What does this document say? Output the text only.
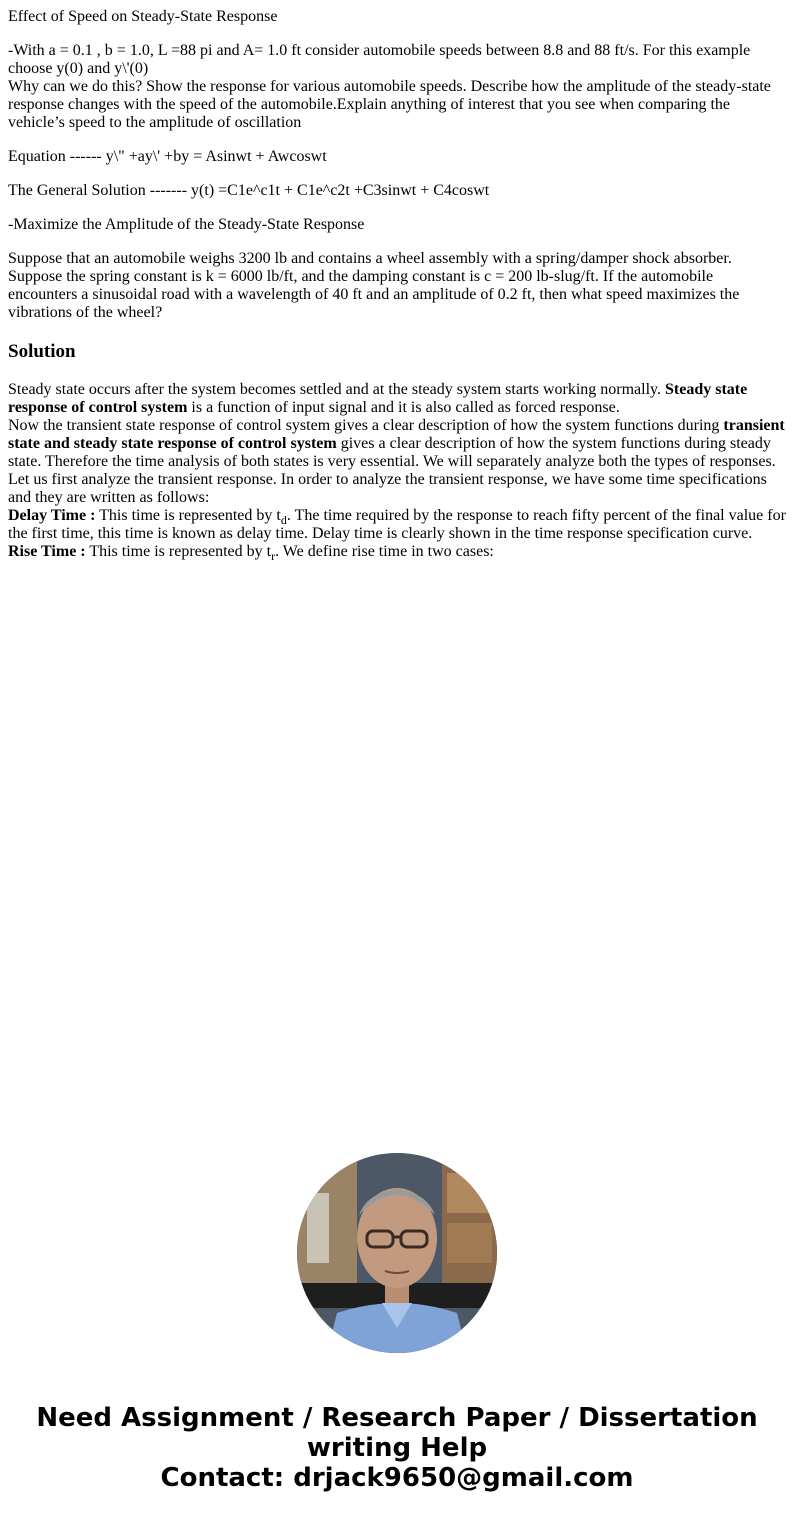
Effect of Speed on Steady-State Response

-With a = 0.1 , b = 1.0, L =88 pi and A= 1.0 ft consider automobile speeds between 8.8 and 88 ft/s. For this example choose y(0) and y\'(0)
Why can we do this? Show the response for various automobile speeds. Describe how the amplitude of the steady-state response changes with the speed of the automobile.Explain anything of interest that you see when comparing the vehicle’s speed to the amplitude of oscillation

Equation ------ y\" +ay\' +by = Asinwt + Awcoswt

The General Solution ------- y(t) =C1e^c1t + C1e^c2t +C3sinwt + C4coswt

-Maximize the Amplitude of the Steady-State Response

Suppose that an automobile weighs 3200 lb and contains a wheel assembly with a spring/damper shock absorber. Suppose the spring constant is k = 6000 lb/ft, and the damping constant is c = 200 lb-slug/ft. If the automobile encounters a sinusoidal road with a wavelength of 40 ft and an amplitude of 0.2 ft, then what speed maximizes the vibrations of the wheel?

Solution
Steady state occurs after the system becomes settled and at the steady system starts working normally. Steady state response of control system is a function of input signal and it is also called as forced response.
Now the transient state response of control system gives a clear description of how the system functions during transient state and steady state response of control system gives a clear description of how the system functions during steady state. Therefore the time analysis of both states is very essential. We will separately analyze both the types of responses.
Let us first analyze the transient response. In order to analyze the transient response, we have some time specifications and they are written as follows:
Delay Time : This time is represented by $t_d$. The time required by the response to reach fifty percent of the final value for the first time, this time is known as delay time. Delay time is clearly shown in the time response specification curve.
Rise Time : This time is represented by $t_r$. We define rise time in two cases:
Need Assignment / Research Paper / Dissertation
writing Help
Contact: drjack9650@gmail.com
